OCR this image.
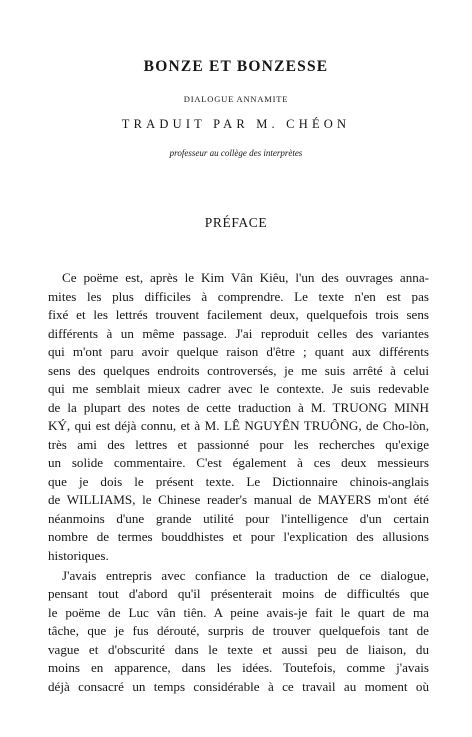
BONZE ET BONZESSE
DIALOGUE ANNAMITE
TRADUIT PAR M. CHÉON
professeur au collège des interprètes
PRÉFACE
Ce poëme est, après le Kim Vân Kiêu, l'un des ouvrages anna-
mites les plus difficiles à comprendre. Le texte n'en est pas
fixé et les lettrés trouvent facilement deux, quelquefois trois sens
différents à un même passage. J'ai reproduit celles des variantes
qui m'ont paru avoir quelque raison d'être ; quant aux différents
sens des quelques endroits controversés, je me suis arrêté à celui
qui me semblait mieux cadrer avec le contexte. Je suis redevable
de la plupart des notes de cette traduction à M. TRUONG MINH
KÝ, qui est déjà connu, et à M. LÊ NGUYÊN TRUÔNG, de Cho-lòn,
très ami des lettres et passionné pour les recherches qu'exige
un solide commentaire. C'est également à ces deux messieurs
que je dois le présent texte. Le Dictionnaire chinois-anglais
de WILLIAMS, le Chinese reader's manual de MAYERS m'ont été
néanmoins d'une grande utilité pour l'intelligence d'un certain
nombre de termes bouddhistes et pour l'explication des allusions
historiques.
J'avais entrepris avec confiance la traduction de ce dialogue,
pensant tout d'abord qu'il présenterait moins de difficultés que
le poëme de Luc vân tiên. A peine avais-je fait le quart de ma
tâche, que je fus dérouté, surpris de trouver quelquefois tant de
vague et d'obscurité dans le texte et aussi peu de liaison, du
moins en apparence, dans les idées. Toutefois, comme j'avais
déjà consacré un temps considérable à ce travail au moment où
